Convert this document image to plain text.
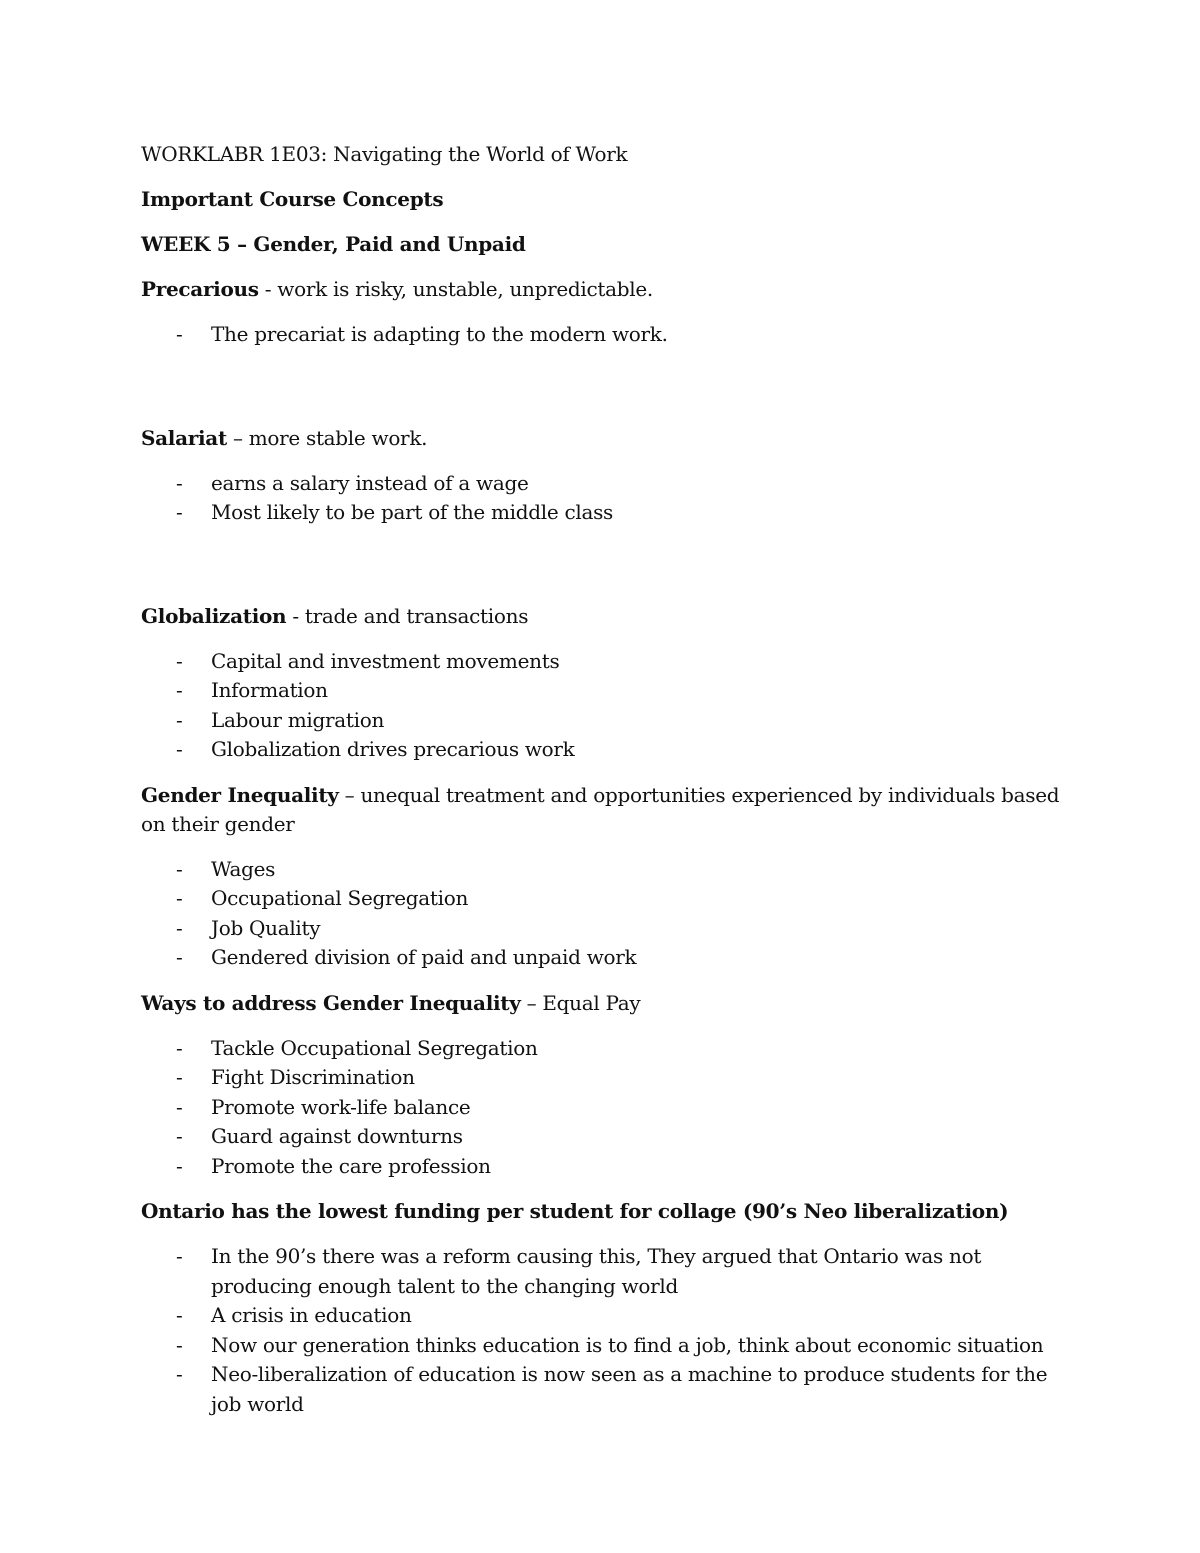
WORKLABR 1E03: Navigating the World of Work

Important Course Concepts

WEEK 5 – Gender, Paid and Unpaid

Precarious - work is risky, unstable, unpredictable.

- The precariat is adapting to the modern work.

Salariat – more stable work.

- earns a salary instead of a wage
- Most likely to be part of the middle class

Globalization - trade and transactions

- Capital and investment movements
- Information
- Labour migration
- Globalization drives precarious work

Gender Inequality – unequal treatment and opportunities experienced by individuals based on their gender

- Wages
- Occupational Segregation
- Job Quality
- Gendered division of paid and unpaid work

Ways to address Gender Inequality – Equal Pay

- Tackle Occupational Segregation
- Fight Discrimination
- Promote work-life balance
- Guard against downturns
- Promote the care profession

Ontario has the lowest funding per student for collage (90’s Neo liberalization)

- In the 90’s there was a reform causing this, They argued that Ontario was not producing enough talent to the changing world
- A crisis in education
- Now our generation thinks education is to find a job, think about economic situation
- Neo-liberalization of education is now seen as a machine to produce students for the job world
